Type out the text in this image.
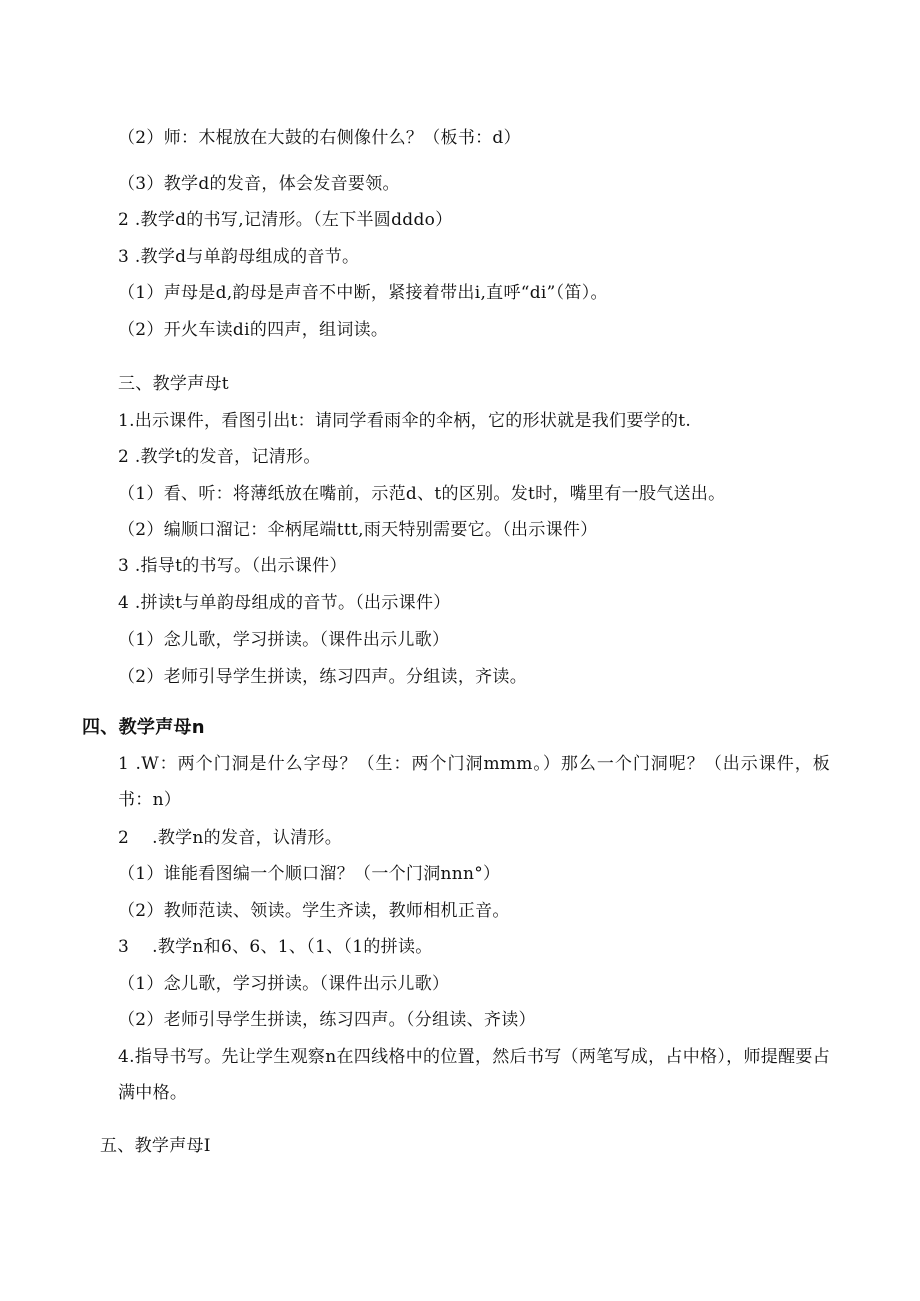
（2）师：木棍放在大鼓的右侧像什么？（板书：d）
（3）教学d的发音，体会发音要领。
2 .教学d的书写,记清形。（左下半圆dddo）
3 .教学d与单韵母组成的音节。
（1）声母是d,韵母是声音不中断，紧接着带出i,直呼“di”（笛）。
（2）开火车读di的四声，组词读。
三、教学声母t
1.出示课件，看图引出t：请同学看雨伞的伞柄，它的形状就是我们要学的t.
2 .教学t的发音，记清形。
（1）看、听：将薄纸放在嘴前，示范d、t的区别。发t时，嘴里有一股气送出。
（2）编顺口溜记：伞柄尾端ttt,雨天特别需要它。（出示课件）
3 .指导t的书写。（出示课件）
4 .拼读t与单韵母组成的音节。（出示课件）
（1）念儿歌，学习拼读。（课件出示儿歌）
（2）老师引导学生拼读，练习四声。分组读，齐读。
四、教学声母n
1 .W：两个门洞是什么字母？（生：两个门洞mmm。）那么一个门洞呢？（出示课件，板书：n）
2　 .教学n的发音，认清形。
（1）谁能看图编一个顺口溜？（一个门洞nnn°）
（2）教师范读、领读。学生齐读，教师相机正音。
3　 .教学n和6、6、1、（1、（1的拼读。
（1）念儿歌，学习拼读。（课件出示儿歌）
（2）老师引导学生拼读，练习四声。（分组读、齐读）
4.指导书写。先让学生观察n在四线格中的位置，然后书写（两笔写成，占中格），师提醒要占满中格。
五、教学声母I
